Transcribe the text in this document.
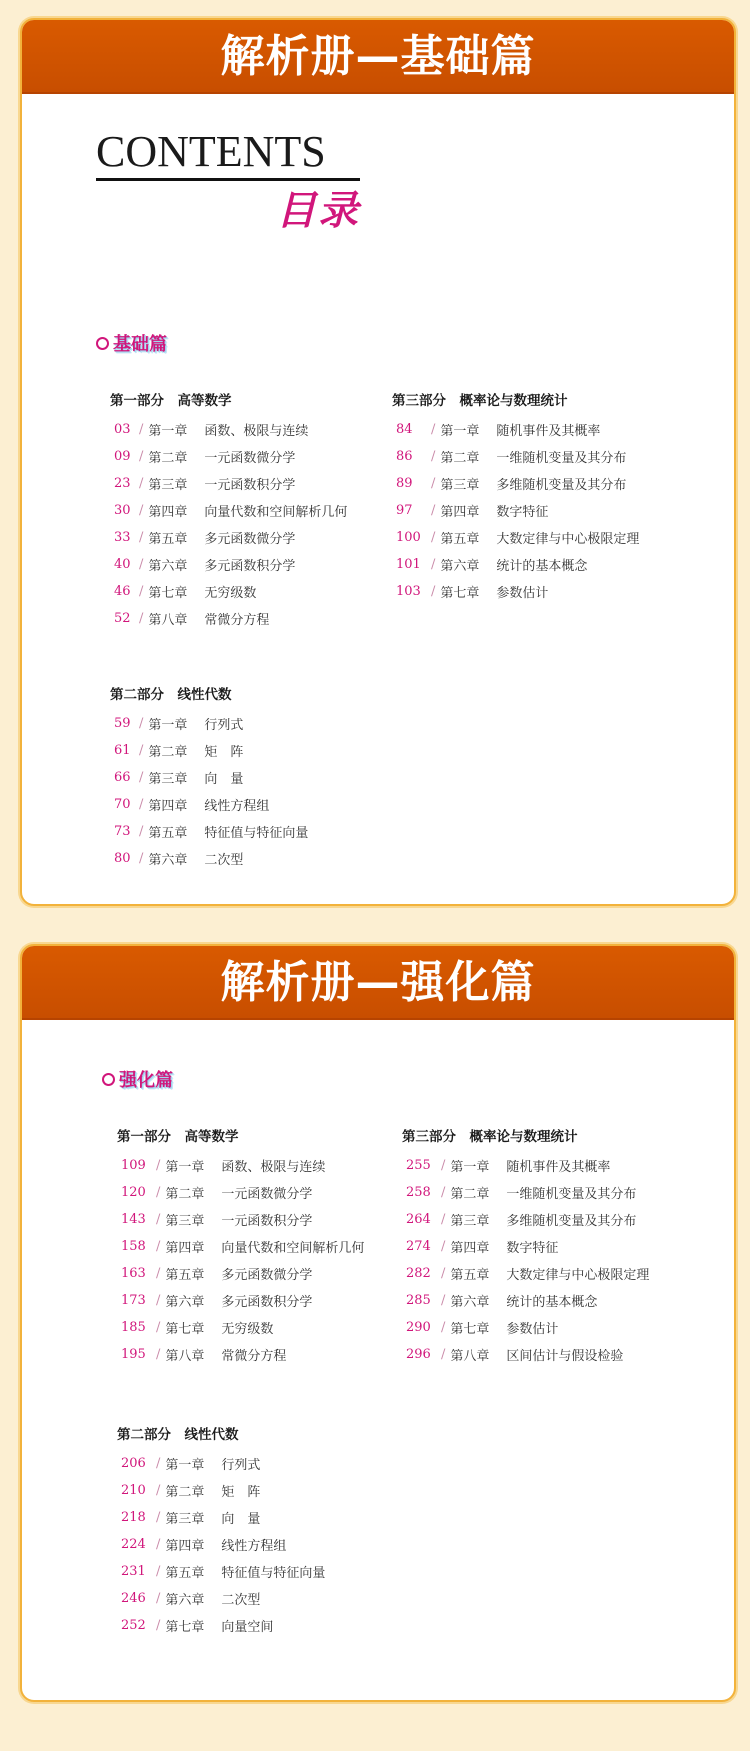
解析册—基础篇
CONTENTS
目录
基础篇
第一部分　高等数学
03 / 第一章	函数、极限与连续
09 / 第二章	一元函数微分学
23 / 第三章	一元函数积分学
30 / 第四章	向量代数和空间解析几何
33 / 第五章	多元函数微分学
40 / 第六章	多元函数积分学
46 / 第七章	无穷级数
52 / 第八章	常微分方程
第三部分　概率论与数理统计
84	/ 第一章	随机事件及其概率
86	/ 第二章	一维随机变量及其分布
89	/ 第三章	多维随机变量及其分布
97	/ 第四章	数字特征
100 / 第五章	大数定律与中心极限定理
101 / 第六章	统计的基本概念
103 / 第七章	参数估计
第二部分　线性代数
59 / 第一章	行列式
61 / 第二章	矩　阵
66 / 第三章	向　量
70 / 第四章	线性方程组
73 / 第五章	特征值与特征向量
80 / 第六章	二次型
解析册—强化篇
强化篇
第一部分　高等数学
109 / 第一章	函数、极限与连续
120 / 第二章	一元函数微分学
143 / 第三章	一元函数积分学
158 / 第四章	向量代数和空间解析几何
163 / 第五章	多元函数微分学
173 / 第六章	多元函数积分学
185 / 第七章	无穷级数
195 / 第八章	常微分方程
第三部分　概率论与数理统计
255 / 第一章	随机事件及其概率
258 / 第二章	一维随机变量及其分布
264 / 第三章	多维随机变量及其分布
274 / 第四章	数字特征
282 / 第五章	大数定律与中心极限定理
285 / 第六章	统计的基本概念
290 / 第七章	参数估计
296 / 第八章	区间估计与假设检验
第二部分　线性代数
206 / 第一章	行列式
210 / 第二章	矩　阵
218 / 第三章	向　量
224 / 第四章	线性方程组
231 / 第五章	特征值与特征向量
246 / 第六章	二次型
252 / 第七章	向量空间
